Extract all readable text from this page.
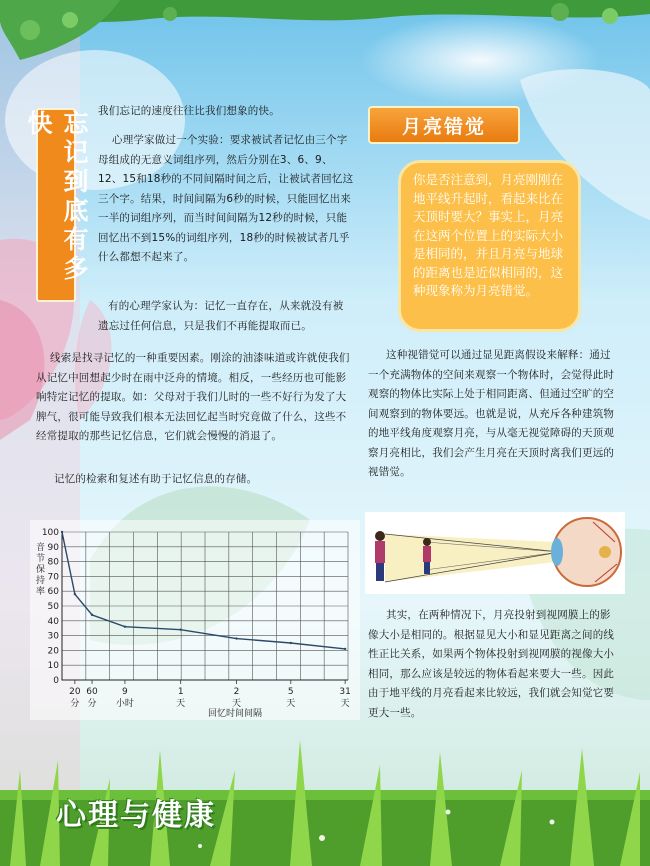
忘记到底有多快	我们忘记的速度往往比我们想象的快。

心理学家做过一个实验：要求被试者记忆由三个字母组成的无意义词组序列，然后分别在3、6、9、12、15和18秒的不同间隔时间之后，让被试者回忆这三个字。结果，时间间隔为6秒的时候，只能回忆出来一半的词组序列，而当时间间隔为12秒的时候，只能回忆出不到15%的词组序列，18秒的时候被试者几乎什么都想不起来了。

有的心理学家认为：记忆一直存在，从来就没有被遗忘过任何信息，只是我们不再能提取而已。

线索是找寻记忆的一种重要因素。刚涂的油漆味道或许就使我们从记忆中回想起少时在雨中泛舟的情境。相反，一些经历也可能影响特定记忆的提取。如：父母对于我们儿时的一些不好行为发了大脾气，很可能导致我们根本无法回忆起当时究竟做了什么，这些不经常提取的那些记忆信息，它们就会慢慢的消退了。

记忆的检索和复述有助于记忆信息的存储。

100
90
80
70
60
50
40
30
20
10
0
20
分
60
分
9
小时
1
天
2
天
5
天
31
天
音节保持率
回忆时间间隔
月亮错觉
你是否注意到，月亮刚刚在地平线升起时，看起来比在天顶时要大？事实上，月亮在这两个位置上的实际大小是相同的，并且月亮与地球的距离也是近似相同的，这种现象称为月亮错觉。

这种视错觉可以通过显见距离假设来解释：通过一个充满物体的空间来观察一个物体时，会觉得此时观察的物体比实际上处于相同距离、但通过空旷的空间观察到的物体要远。也就是说，从充斥各种建筑物的地平线角度观察月亮，与从毫无视觉障碍的天顶观察月亮相比，我们会产生月亮在天顶时离我们更远的视错觉。

其实，在两种情况下，月亮投射到视网膜上的影像大小是相同的。根据显见大小和显见距离之间的线性正比关系，如果两个物体投射到视网膜的视像大小相同，那么应该是较远的物体看起来要大一些。因此由于地平线的月亮看起来比较远，我们就会知觉它要更大一些。

心理与健康
